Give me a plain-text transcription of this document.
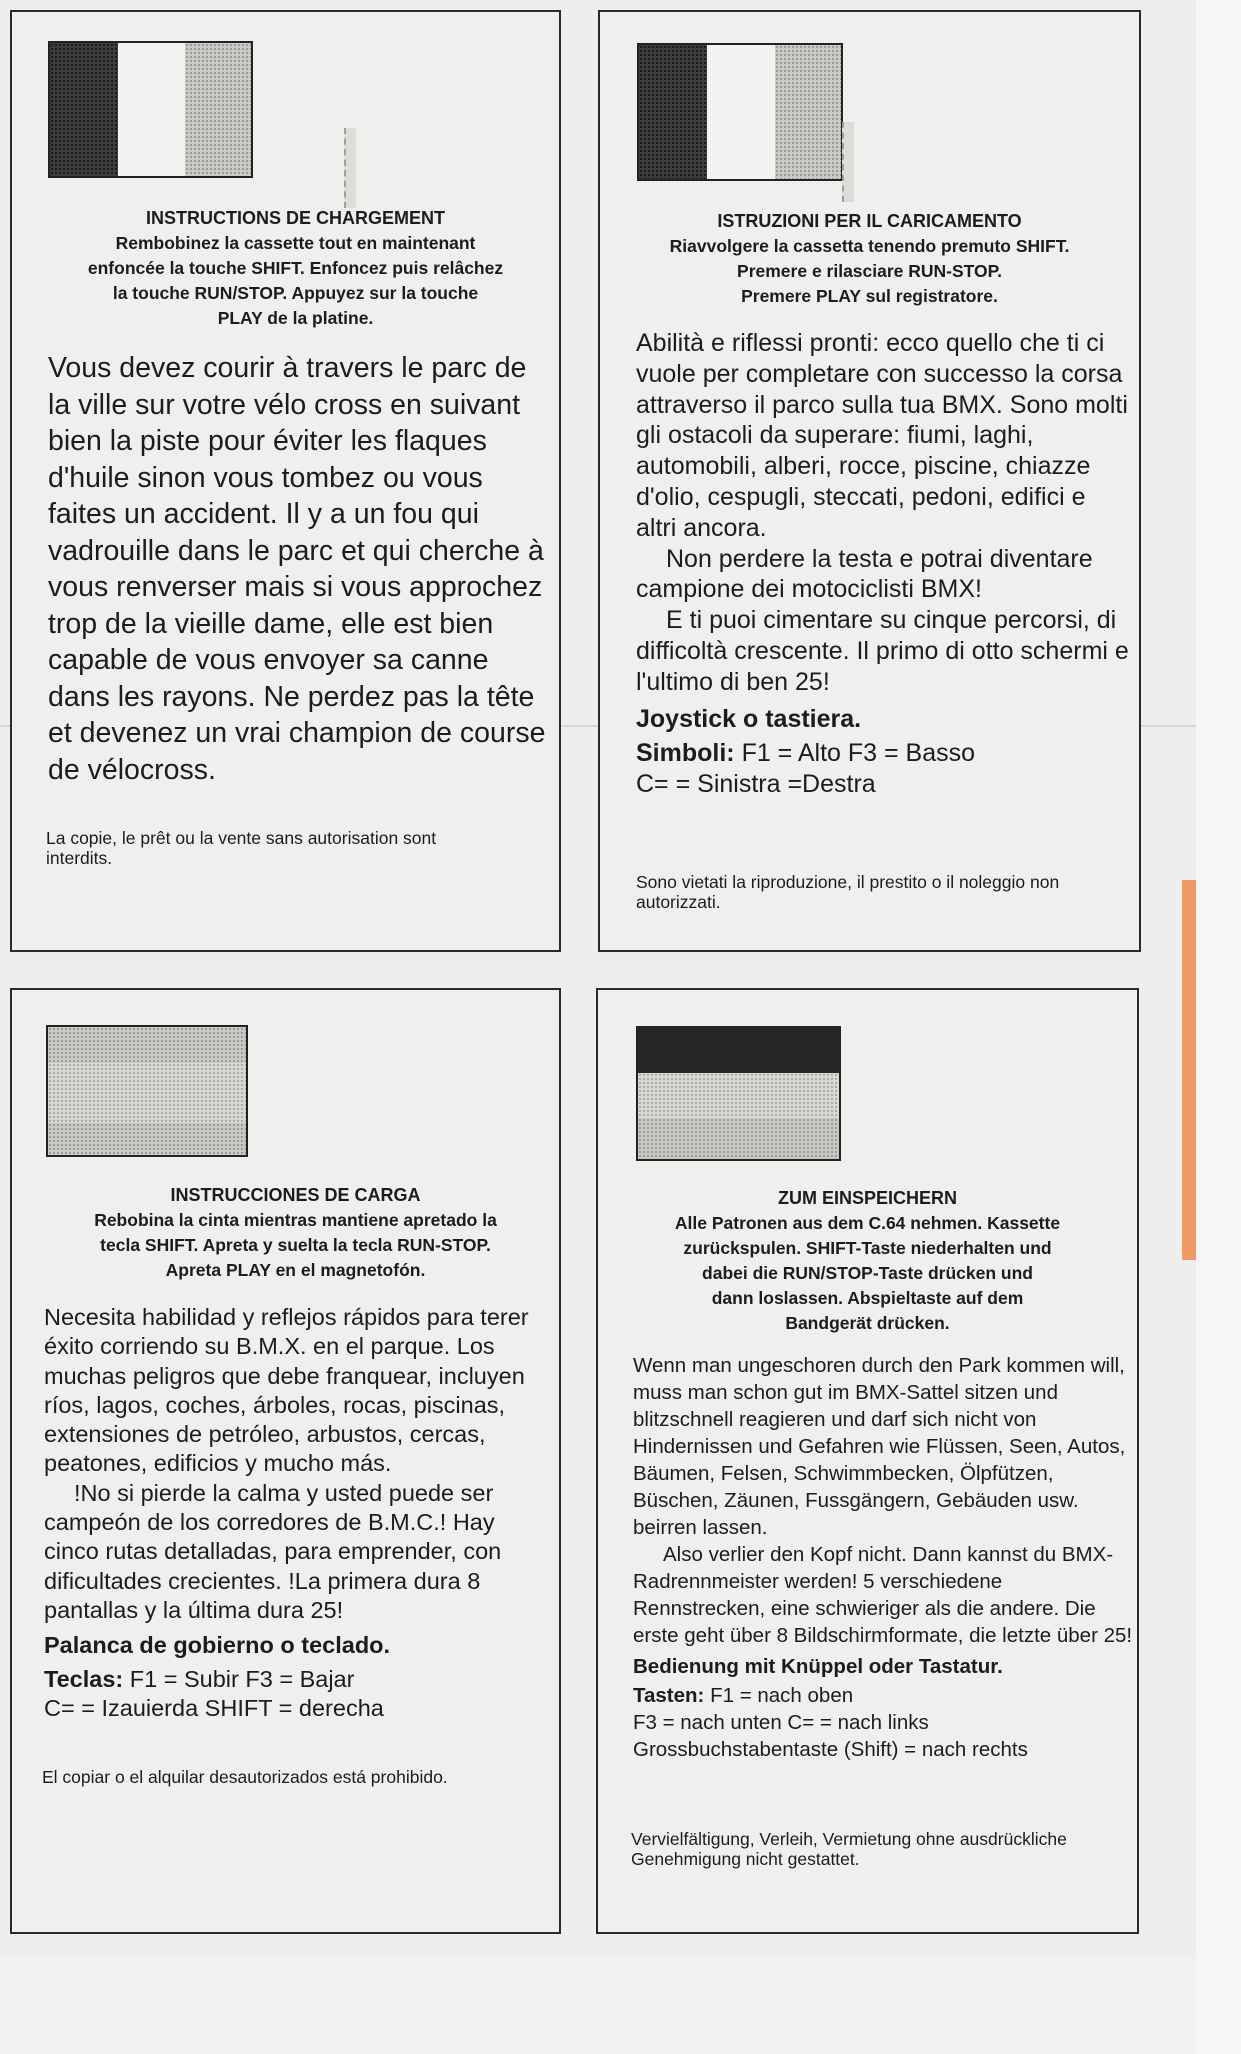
INSTRUCTIONS DE CHARGEMENT
Rembobinez la cassette tout en maintenant
enfoncée la touche SHIFT. Enfoncez puis relâchez
la touche RUN/STOP. Appuyez sur la touche
PLAY de la platine.
Vous devez courir à travers le parc de la ville sur votre vélo cross en suivant bien la piste pour éviter les flaques d'huile sinon vous tombez ou vous faites un accident. Il y a un fou qui vadrouille dans le parc et qui cherche à vous renverser mais si vous approchez trop de la vieille dame, elle est bien capable de vous envoyer sa canne dans les rayons. Ne perdez pas la tête et devenez un vrai champion de course de vélocross.
La copie, le prêt ou la vente sans autorisation sont interdits.
ISTRUZIONI PER IL CARICAMENTO
Riavvolgere la cassetta tenendo premuto SHIFT.
Premere e rilasciare RUN-STOP.
Premere PLAY sul registratore.

Abilità e riflessi pronti: ecco quello che ti ci vuole per completare con successo la corsa attraverso il parco sulla tua BMX. Sono molti gli ostacoli da superare: fiumi, laghi, automobili, alberi, rocce, piscine, chiazze d'olio, cespugli, steccati, pedoni, edifici e altri ancora.

Non perdere la testa e potrai diventare campione dei motociclisti BMX!

E ti puoi cimentare su cinque percorsi, di difficoltà crescente. Il primo di otto schermi e l'ultimo di ben 25!

Joystick o tastiera.

Simboli: F1 = Alto F3 = Basso

C= = Sinistra =Destra

Sono vietati la riproduzione, il prestito o il noleggio non autorizzati.
INSTRUCCIONES DE CARGA
Rebobina la cinta mientras mantiene apretado la
tecla SHIFT. Apreta y suelta la tecla RUN-STOP.
Apreta PLAY en el magnetofón.

Necesita habilidad y reflejos rápidos para terer éxito corriendo su B.M.X. en el parque. Los muchas peligros que debe franquear, incluyen ríos, lagos, coches, árboles, rocas, piscinas, extensiones de petróleo, arbustos, cercas, peatones, edificios y mucho más.

!No si pierde la calma y usted puede ser campeón de los corredores de B.M.C.! Hay cinco rutas detalladas, para emprender, con dificultades crecientes. !La primera dura 8 pantallas y la última dura 25!

Palanca de gobierno o teclado.

Teclas: F1 = Subir F3 = Bajar

C= = Izauierda SHIFT = derecha

El copiar o el alquilar desautorizados está prohibido.
ZUM EINSPEICHERN
Alle Patronen aus dem C.64 nehmen. Kassette
zurückspulen. SHIFT-Taste niederhalten und
dabei die RUN/STOP-Taste drücken und
dann loslassen. Abspieltaste auf dem
Bandgerät drücken.

Wenn man ungeschoren durch den Park kommen will, muss man schon gut im BMX-Sattel sitzen und blitzschnell reagieren und darf sich nicht von Hindernissen und Gefahren wie Flüssen, Seen, Autos, Bäumen, Felsen, Schwimmbecken, Ölpfützen, Büschen, Zäunen, Fussgängern, Gebäuden usw. beirren lassen.

Also verlier den Kopf nicht. Dann kannst du BMX-Radrennmeister werden! 5 verschiedene Rennstrecken, eine schwieriger als die andere. Die erste geht über 8 Bildschirmformate, die letzte über 25!

Bedienung mit Knüppel oder Tastatur.

Tasten: F1 = nach oben

F3 = nach unten C= = nach links

Grossbuchstabentaste (Shift) = nach rechts

Vervielfältigung, Verleih, Vermietung ohne ausdrückliche Genehmigung nicht gestattet.
